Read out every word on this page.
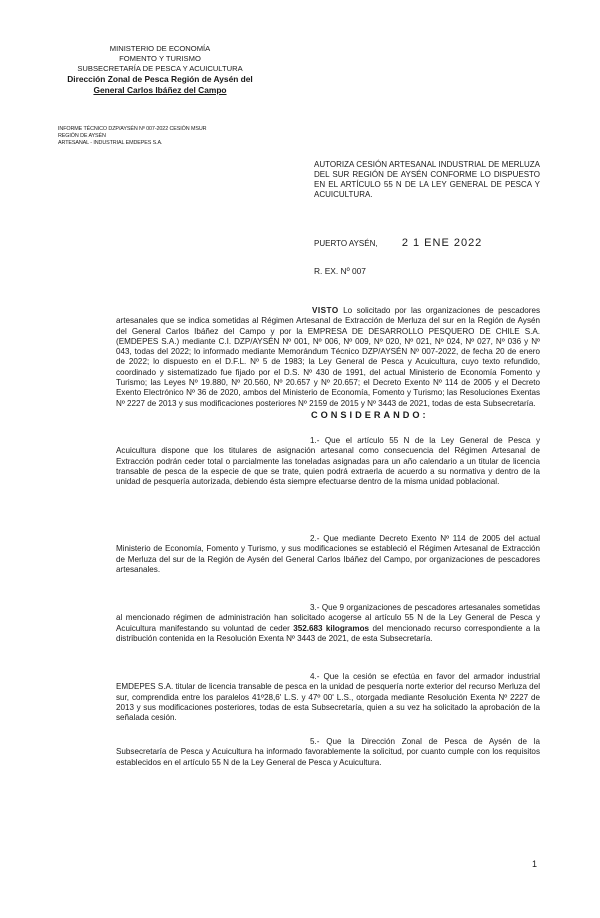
MINISTERIO DE ECONOMÍA
FOMENTO Y TURISMO
SUBSECRETARÍA DE PESCA Y ACUICULTURA
Dirección Zonal de Pesca Región de Aysén del
General Carlos Ibáñez del Campo
INFORME TÉCNICO DZP/AYSÉN Nº 007-2022 CESIÓN MSUR
REGIÓN DE AYSÉN
ARTESANAL - INDUSTRIAL EMDEPES S.A.
AUTORIZA CESIÓN ARTESANAL INDUSTRIAL DE MERLUZA DEL SUR REGIÓN DE AYSÉN CONFORME LO DISPUESTO EN EL ARTÍCULO 55 N DE LA LEY GENERAL DE PESCA Y ACUICULTURA.
PUERTO AYSÉN, 2 1 ENE 2022
R. EX. Nº 007
VISTO Lo solicitado por las organizaciones de pescadores artesanales que se indica sometidas al Régimen Artesanal de Extracción de Merluza del sur en la Región de Aysén del General Carlos Ibáñez del Campo y por la EMPRESA DE DESARROLLO PESQUERO DE CHILE S.A. (EMDEPES S.A.) mediante C.I. DZP/AYSÉN Nº 001, Nº 006, Nº 009, Nº 020, Nº 021, Nº 024, Nº 027, Nº 036 y Nº 043, todas del 2022; lo informado mediante Memorándum Técnico DZP/AYSÉN Nº 007-2022, de fecha 20 de enero de 2022; lo dispuesto en el D.F.L. Nº 5 de 1983; la Ley General de Pesca y Acuicultura, cuyo texto refundido, coordinado y sistematizado fue fijado por el D.S. Nº 430 de 1991, del actual Ministerio de Economía Fomento y Turismo; las Leyes Nº 19.880, Nº 20.560, Nº 20.657 y Nº 20.657; el Decreto Exento Nº 114 de 2005 y el Decreto Exento Electrónico Nº 36 de 2020, ambos del Ministerio de Economía, Fomento y Turismo; las Resoluciones Exentas Nº 2227 de 2013 y sus modificaciones posteriores Nº 2159 de 2015 y Nº 3443 de 2021, todas de esta Subsecretaría.
CONSIDERANDO:
1.- Que el artículo 55 N de la Ley General de Pesca y Acuicultura dispone que los titulares de asignación artesanal como consecuencia del Régimen Artesanal de Extracción podrán ceder total o parcialmente las toneladas asignadas para un año calendario a un titular de licencia transable de pesca de la especie de que se trate, quien podrá extraerla de acuerdo a su normativa y dentro de la unidad de pesquería autorizada, debiendo ésta siempre efectuarse dentro de la misma unidad poblacional.
2.- Que mediante Decreto Exento Nº 114 de 2005 del actual Ministerio de Economía, Fomento y Turismo, y sus modificaciones se estableció el Régimen Artesanal de Extracción de Merluza del sur de la Región de Aysén del General Carlos Ibáñez del Campo, por organizaciones de pescadores artesanales.
3.- Que 9 organizaciones de pescadores artesanales sometidas al mencionado régimen de administración han solicitado acogerse al artículo 55 N de la Ley General de Pesca y Acuicultura manifestando su voluntad de ceder 352.683 kilogramos del mencionado recurso correspondiente a la distribución contenida en la Resolución Exenta Nº 3443 de 2021, de esta Subsecretaría.
4.- Que la cesión se efectúa en favor del armador industrial EMDEPES S.A. titular de licencia transable de pesca en la unidad de pesquería norte exterior del recurso Merluza del sur, comprendida entre los paralelos 41º28,6' L.S. y 47º 00' L.S., otorgada mediante Resolución Exenta Nº 2227 de 2013 y sus modificaciones posteriores, todas de esta Subsecretaría, quien a su vez ha solicitado la aprobación de la señalada cesión.
5.- Que la Dirección Zonal de Pesca de Aysén de la Subsecretaría de Pesca y Acuicultura ha informado favorablemente la solicitud, por cuanto cumple con los requisitos establecidos en el artículo 55 N de la Ley General de Pesca y Acuicultura.
1
